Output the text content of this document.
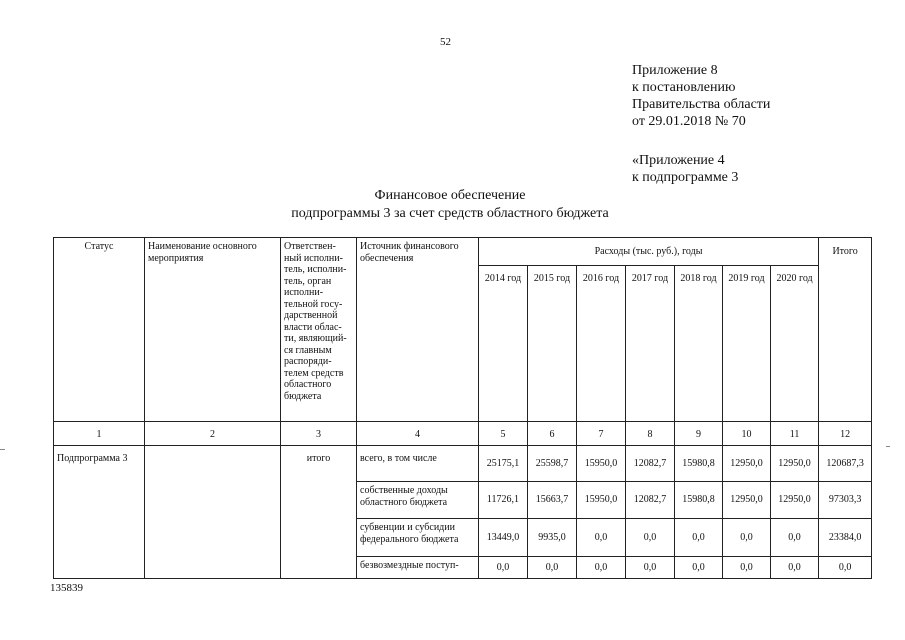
52
Приложение 8
к постановлению
Правительства области
от 29.01.2018 № 70
«Приложение 4
к подпрограмме 3
Финансовое обеспечение
подпрограммы 3 за счет средств областного бюджета
Статус	Наименование основного мероприятия	Ответствен-ный исполни-тель, исполни-тель, орган исполни-тельной госу-дарственной власти облас-ти, являющий-ся главным распоряди-телем средств областного бюджета	Источник финансового обеспечения	Расходы (тыс. руб.), годы							Итого
				2014 год	2015 год	2016 год	2017 год	2018 год	2019 год	2020 год	
1	2	3	4	5	6	7	8	9	10	11	12
Подпрограмма 3		итого	всего, в том числе	25175,1	25598,7	15950,0	12082,7	15980,8	12950,0	12950,0	120687,3
			собственные доходы областного бюджета	11726,1	15663,7	15950,0	12082,7	15980,8	12950,0	12950,0	97303,3
			субвенции и субсидии федерального бюджета	13449,0	9935,0	0,0	0,0	0,0	0,0	0,0	23384,0
			безвозмездные поступ-	0,0	0,0	0,0	0,0	0,0	0,0	0,0	0,0
135839
